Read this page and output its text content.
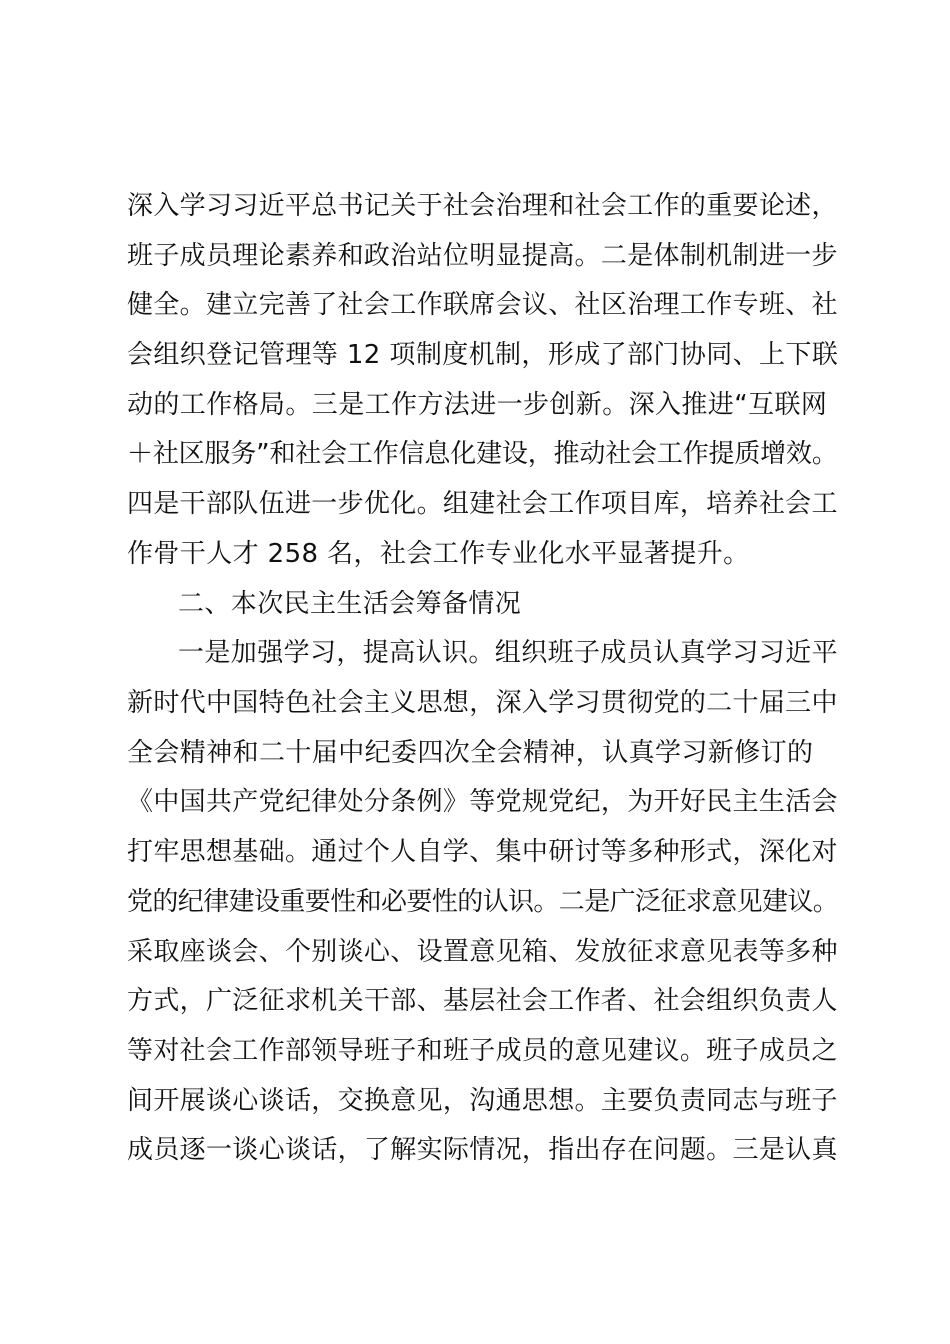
深入学习习近平总书记关于社会治理和社会工作的重要论述，
班子成员理论素养和政治站位明显提高。二是体制机制进一步
健全。建立完善了社会工作联席会议、社区治理工作专班、社
会组织登记管理等 12 项制度机制，形成了部门协同、上下联
动的工作格局。三是工作方法进一步创新。深入推进“互联网
＋社区服务”和社会工作信息化建设，推动社会工作提质增效。
四是干部队伍进一步优化。组建社会工作项目库，培养社会工
作骨干人才 258 名，社会工作专业化水平显著提升。
二、本次民主生活会筹备情况
一是加强学习，提高认识。组织班子成员认真学习习近平
新时代中国特色社会主义思想，深入学习贯彻党的二十届三中
全会精神和二十届中纪委四次全会精神，认真学习新修订的
《中国共产党纪律处分条例》等党规党纪，为开好民主生活会
打牢思想基础。通过个人自学、集中研讨等多种形式，深化对
党的纪律建设重要性和必要性的认识。二是广泛征求意见建议。
采取座谈会、个别谈心、设置意见箱、发放征求意见表等多种
方式，广泛征求机关干部、基层社会工作者、社会组织负责人
等对社会工作部领导班子和班子成员的意见建议。班子成员之
间开展谈心谈话，交换意见，沟通思想。主要负责同志与班子
成员逐一谈心谈话，了解实际情况，指出存在问题。三是认真
